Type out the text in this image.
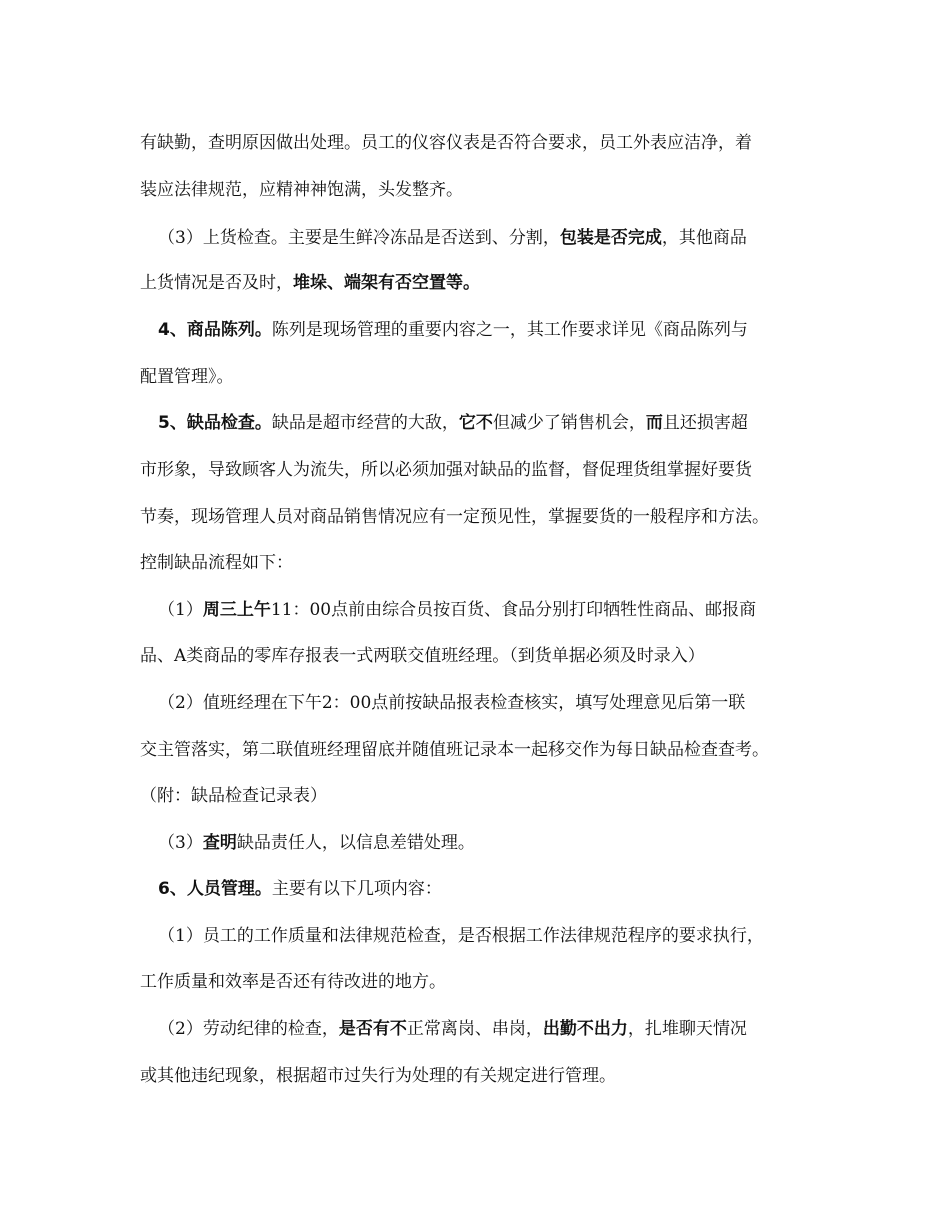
有缺勤，查明原因做出处理。员工的仪容仪表是否符合要求，员工外表应洁净，着
装应法律规范，应精神神饱满，头发整齐。
（3）上货检查。主要是生鲜冷冻品是否送到、分割，包装是否完成，其他商品
上货情况是否及时，堆垛、端架有否空置等。
4、商品陈列。陈列是现场管理的重要内容之一，其工作要求详见《商品陈列与
配置管理》。
5、缺品检查。缺品是超市经营的大敌，它不但减少了销售机会，而且还损害超
市形象，导致顾客人为流失，所以必须加强对缺品的监督，督促理货组掌握好要货
节奏，现场管理人员对商品销售情况应有一定预见性，掌握要货的一般程序和方法。
控制缺品流程如下：
（1）周三上午11：00点前由综合员按百货、食品分别打印牺牲性商品、邮报商
品、A类商品的零库存报表一式两联交值班经理。（到货单据必须及时录入）
（2）值班经理在下午2：00点前按缺品报表检查核实，填写处理意见后第一联
交主管落实，第二联值班经理留底并随值班记录本一起移交作为每日缺品检查查考。
（附：缺品检查记录表）
（3）查明缺品责任人，以信息差错处理。
6、人员管理。主要有以下几项内容：
（1）员工的工作质量和法律规范检查，是否根据工作法律规范程序的要求执行，
工作质量和效率是否还有待改进的地方。
（2）劳动纪律的检查，是否有不正常离岗、串岗，出勤不出力，扎堆聊天情况
或其他违纪现象，根据超市过失行为处理的有关规定进行管理。
